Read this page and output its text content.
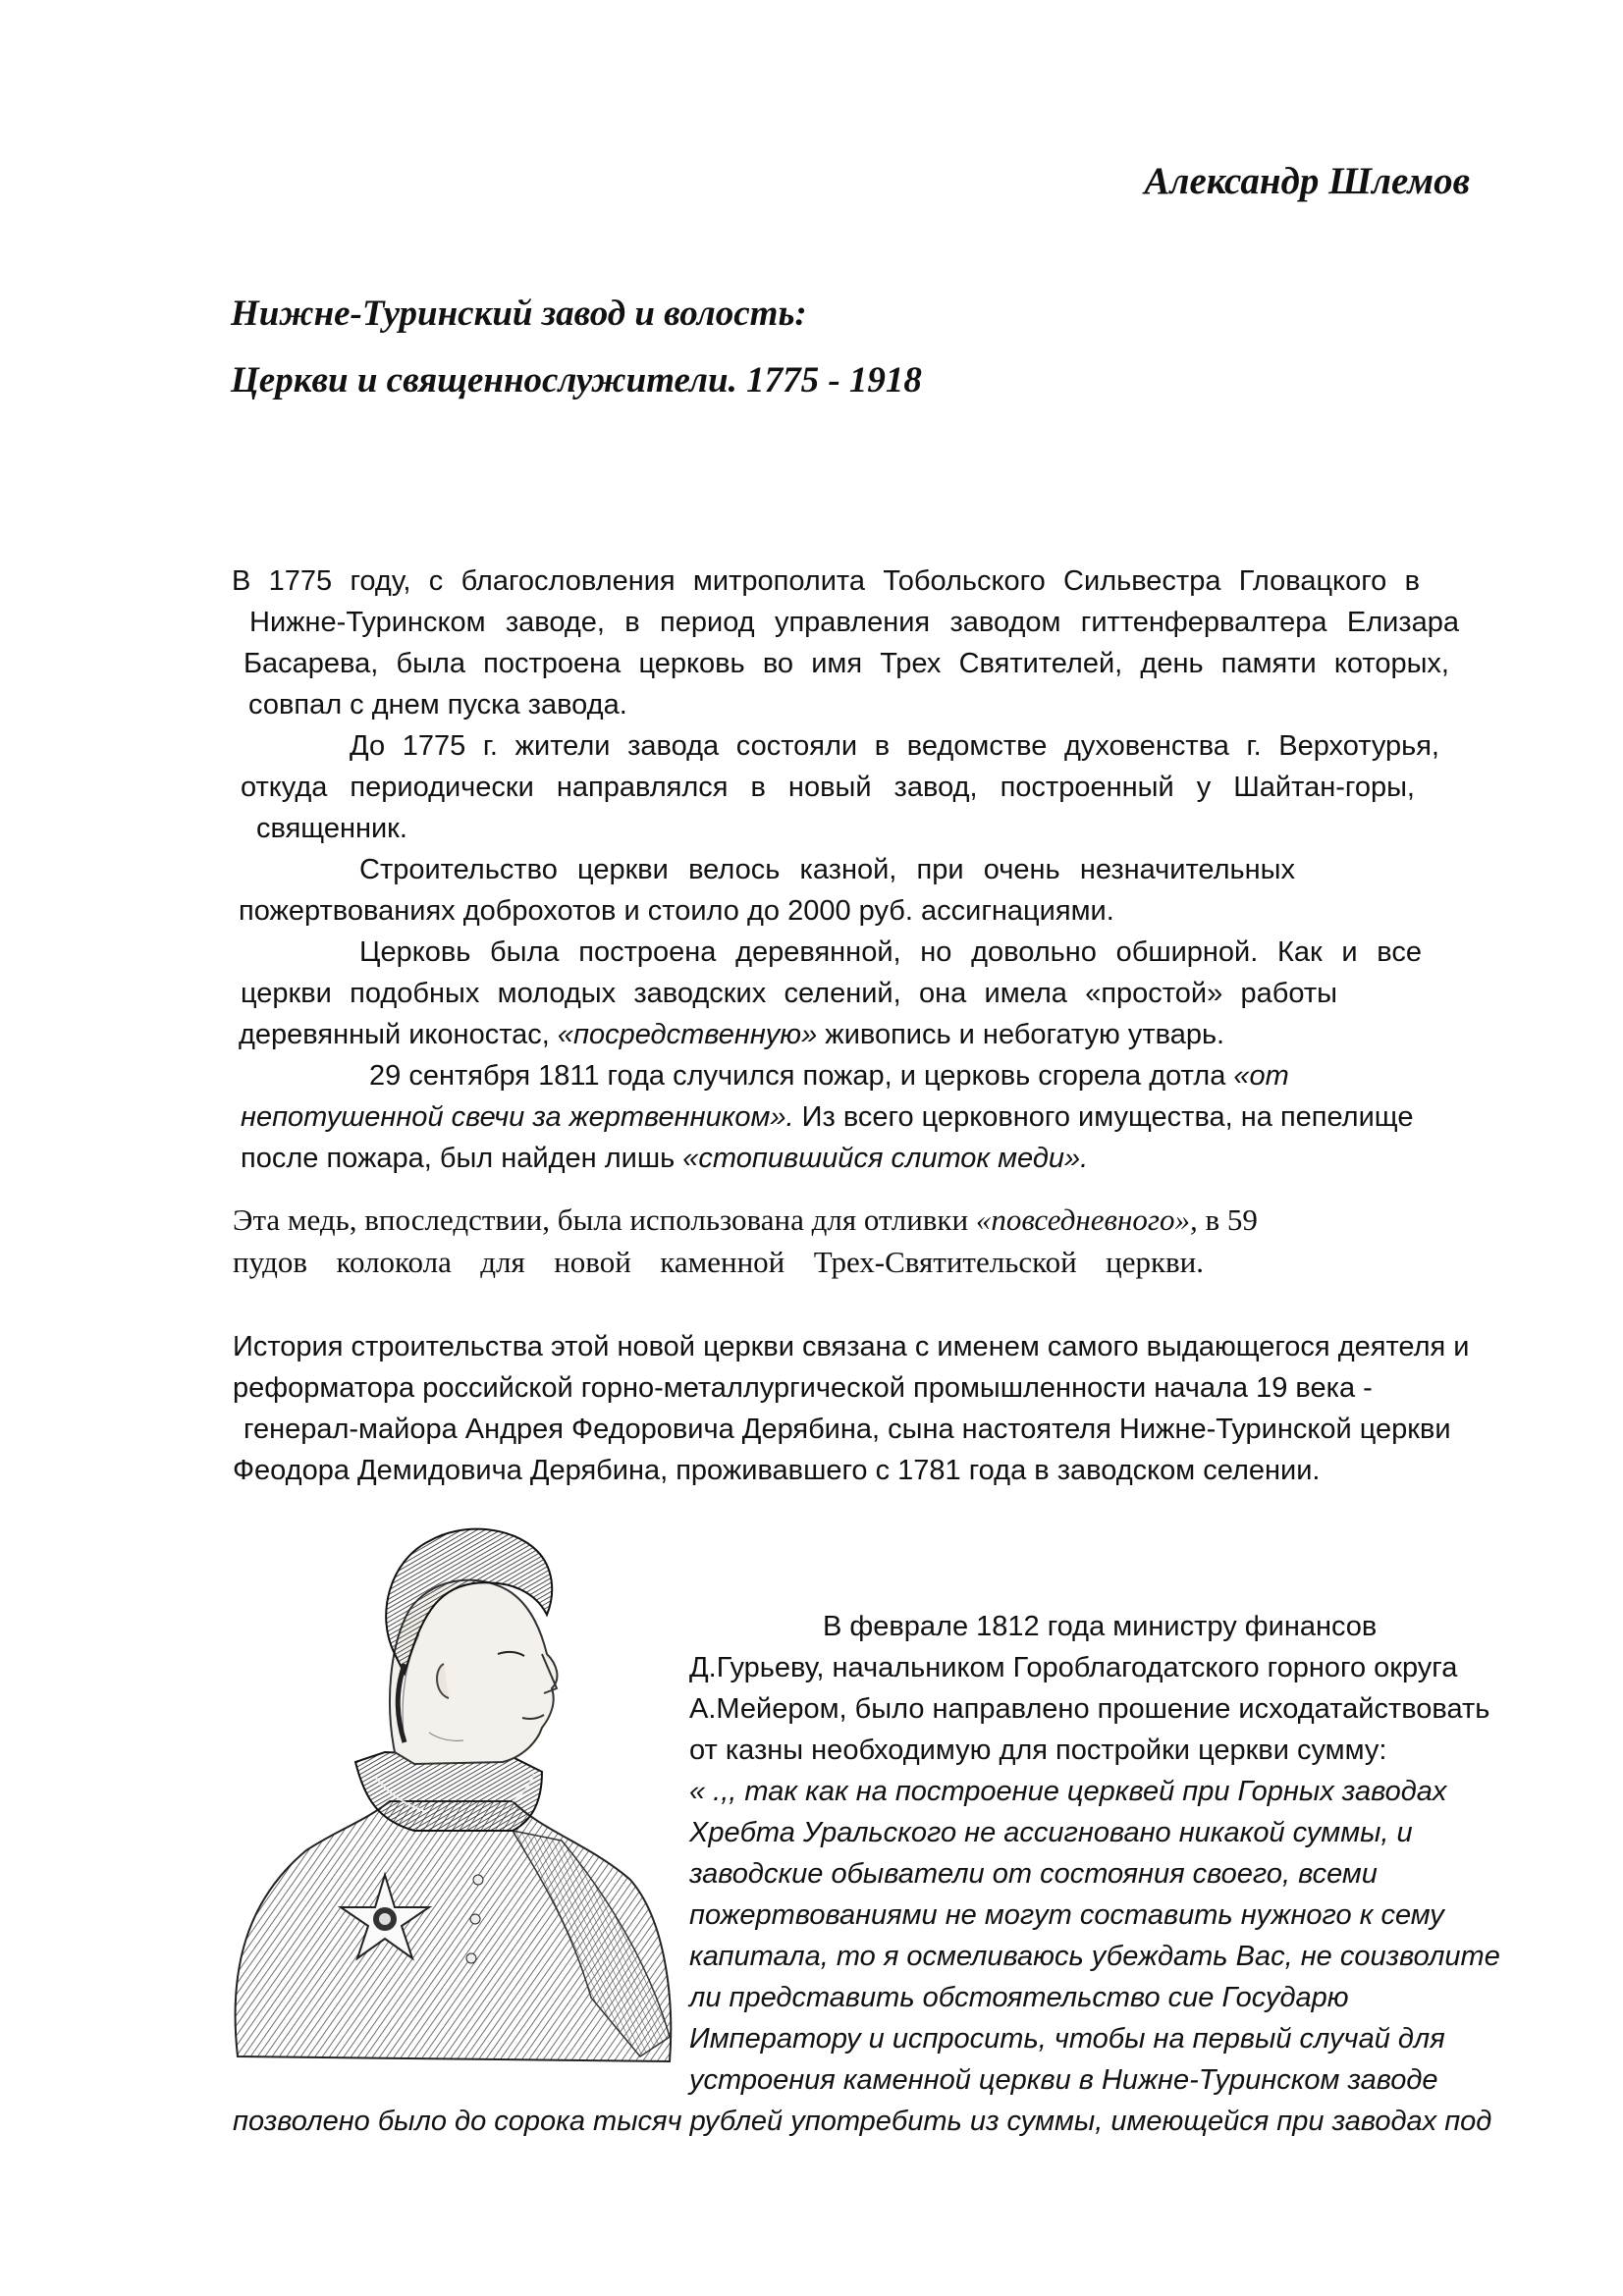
Александр Шлемов
Нижне-Туринский завод и волость:
Церкви и священнослужители. 1775 - 1918

В 1775 году, с благословления митрополита Тобольского Сильвестра Гловацкого в

Нижне-Туринском заводе, в период управления заводом гиттенфервалтера Елизара

Басарева, была построена церковь во имя Трех Святителей, день памяти которых,

совпал с днем пуска завода.

До 1775 г. жители завода состояли в ведомстве духовенства г. Верхотурья,

откуда периодически направлялся в новый завод, построенный у Шайтан-горы,

священник.

Строительство церкви велось казной, при очень незначительных

пожертвованиях доброхотов и стоило до 2000 руб. ассигнациями.

Церковь была построена деревянной, но довольно обширной. Как и все

церкви подобных молодых заводских селений, она имела «простой» работы

деревянный иконостас, «посредственную» живопись и небогатую утварь.

29 сентября 1811 года случился пожар, и церковь сгорела дотла «от

непотушенной свечи за жертвенником». Из всего церковного имущества, на пепелище

после пожара, был найден лишь «стопившийся слиток меди».

Эта медь, впоследствии, была использована для отливки «повседневного», в 59

пудов колокола для новой каменной Трех-Святительской церкви.

История строительства этой новой церкви связана с именем самого выдающегося деятеля и

реформатора российской горно-металлургической промышленности начала 19 века -

генерал-майора Андрея Федоровича Дерябина, сына настоятеля Нижне-Туринской церкви

Феодора Демидовича Дерябина, проживавшего с 1781 года в заводском селении.

В феврале 1812 года министру финансов

Д.Гурьеву, начальником Гороблагодатского горного округа

А.Мейером, было направлено прошение исходатайствовать

от казны необходимую для постройки церкви сумму:

« .,, так как на построение церквей при Горных заводах

Хребта Уральского не ассигновано никакой суммы, и

заводские обыватели от состояния своего, всеми

пожертвованиями не могут составить нужного к сему

капитала, то я осмеливаюсь убеждать Вас, не соизволите

ли представить обстоятельство сие Государю

Императору и испросить, чтобы на первый случай для

устроения каменной церкви в Нижне-Туринском заводе

позволено было до сорока тысяч рублей употребить из суммы, имеющейся при заводах под
